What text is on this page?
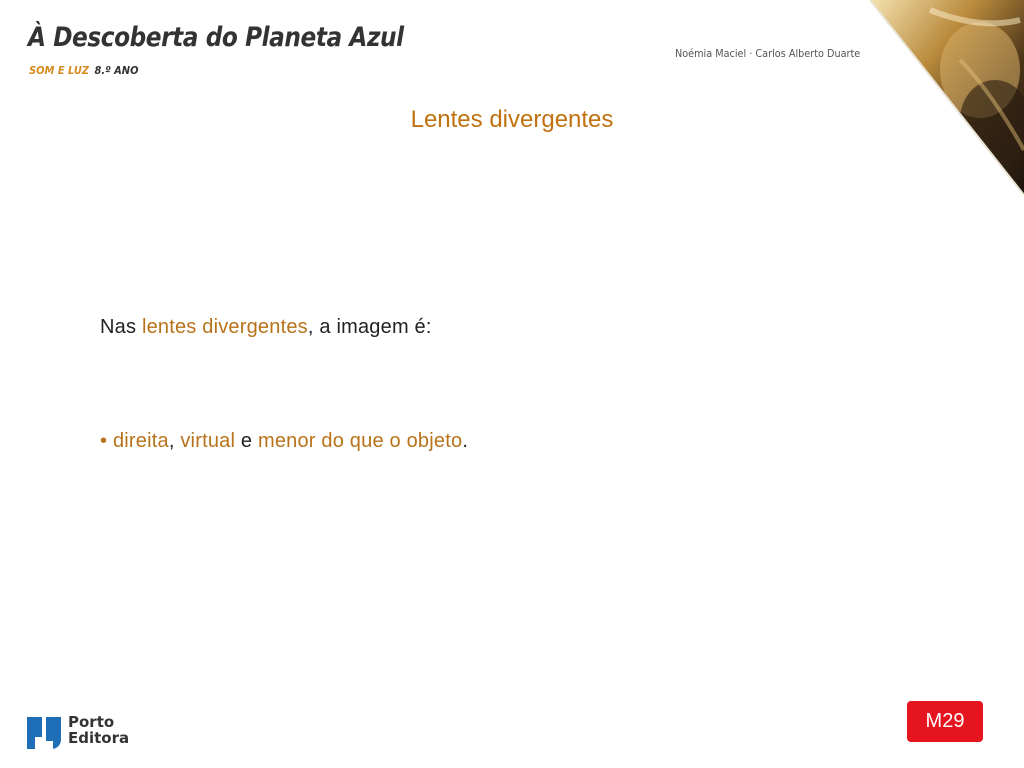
À Descoberta do Planeta Azul
SOM E LUZ 8.º ANO
Noémia Maciel · Carlos Alberto Duarte
Lentes divergentes
Nas lentes divergentes, a imagem é:
• direita, virtual e menor do que o objeto.
Porto
Editora
M29
